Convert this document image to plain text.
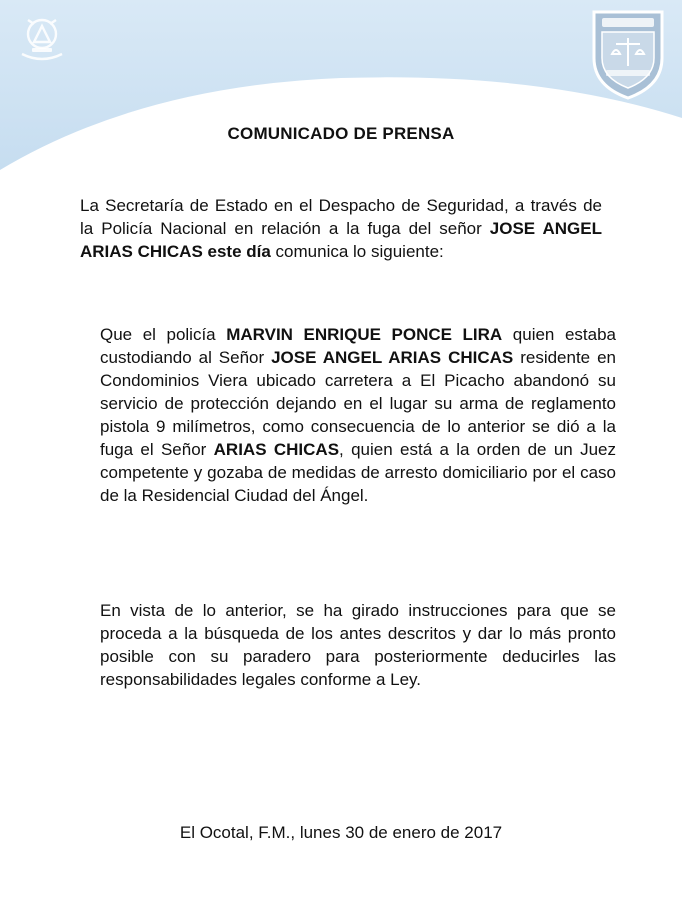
COMUNICADO DE PRENSA
La Secretaría de Estado en el Despacho de Seguridad, a través de la Policía Nacional en relación a la fuga del señor JOSE ANGEL ARIAS CHICAS este día comunica lo siguiente:
Que el policía MARVIN ENRIQUE PONCE LIRA quien estaba custodiando al Señor JOSE ANGEL ARIAS CHICAS residente en Condominios Viera ubicado carretera a El Picacho abandonó su servicio de protección dejando en el lugar su arma de reglamento pistola 9 milímetros, como consecuencia de lo anterior se dió a la fuga el Señor ARIAS CHICAS, quien está a la orden de un Juez competente y gozaba de medidas de arresto domiciliario por el caso de la Residencial Ciudad del Ángel.
En vista de lo anterior, se ha girado instrucciones para que se proceda a la búsqueda de los antes descritos y dar lo más pronto posible con su paradero para posteriormente deducirles las responsabilidades legales conforme a Ley.
El Ocotal, F.M., lunes 30 de enero de 2017
